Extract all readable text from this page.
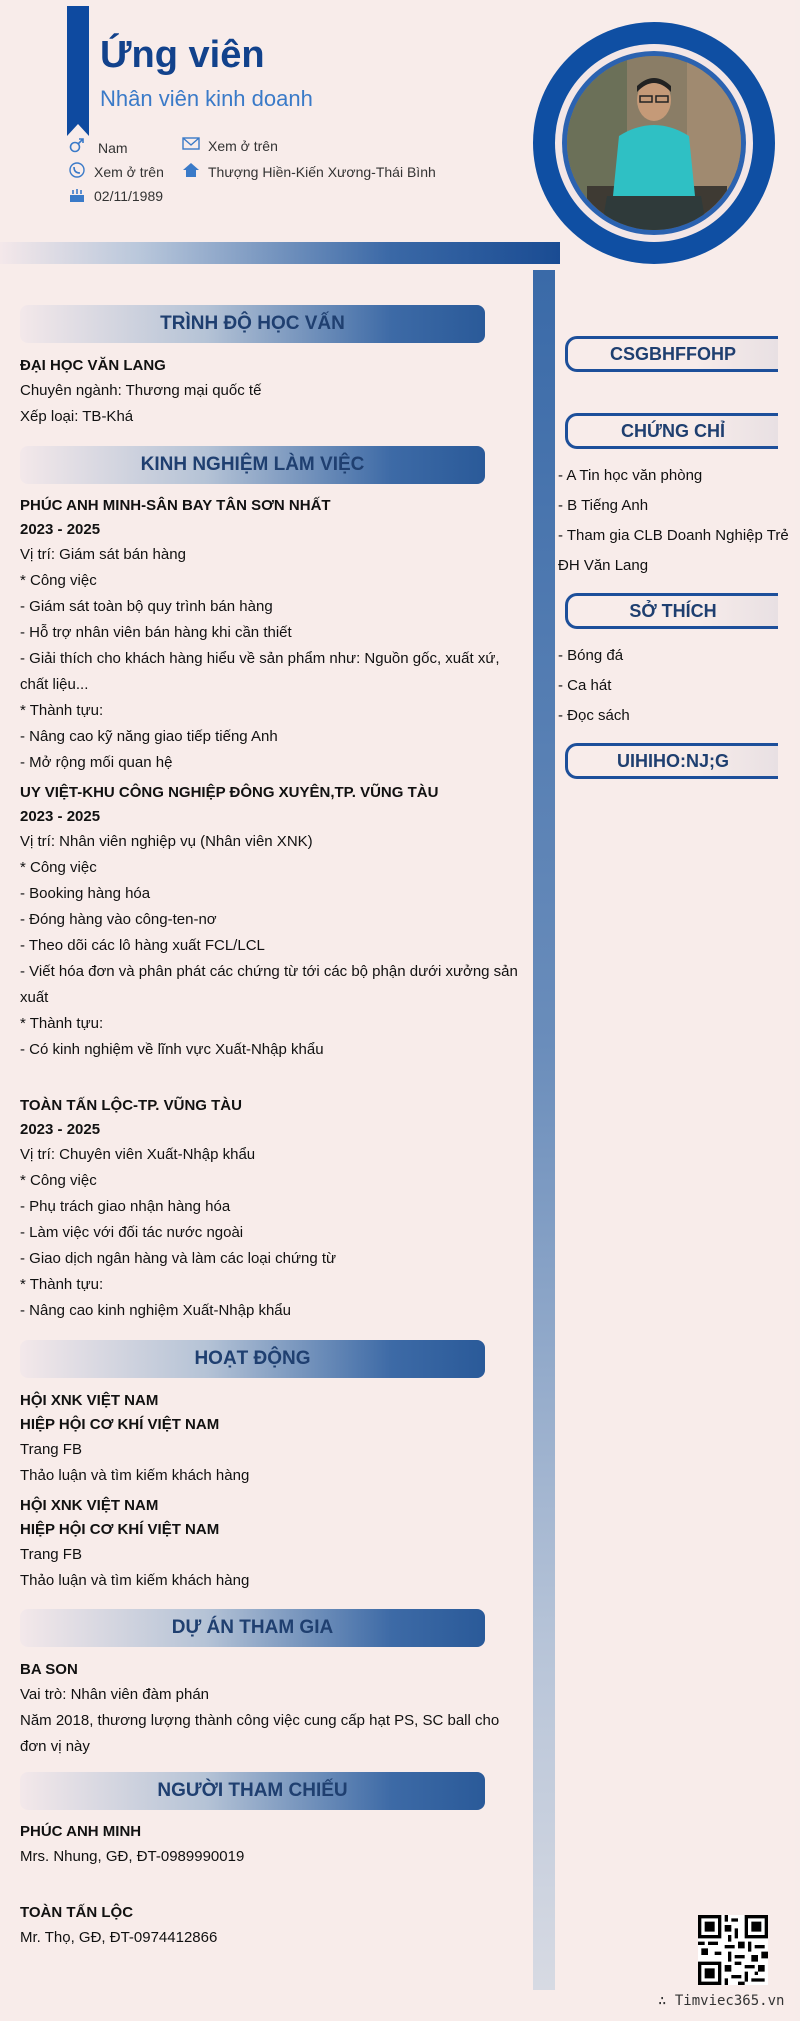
Ứng viên
Nhân viên kinh doanh
Nam	Xem ở trên
Xem ở trên	Thượng Hiền-Kiến Xương-Thái Bình
02/11/1989
TRÌNH ĐỘ HỌC VẤN
ĐẠI HỌC VĂN LANG
Chuyên ngành: Thương mại quốc tế
Xếp loại: TB-Khá
KINH NGHIỆM LÀM VIỆC
PHÚC ANH MINH-SÂN BAY TÂN SƠN NHẤT
2023 - 2025
Vị trí: Giám sát bán hàng
* Công việc
- Giám sát toàn bộ quy trình bán hàng
- Hỗ trợ nhân viên bán hàng khi cần thiết
- Giải thích cho khách hàng hiểu về sản phẩm như: Nguồn gốc, xuất xứ,
chất liệu...
* Thành tựu:
- Nâng cao kỹ năng giao tiếp tiếng Anh
- Mở rộng mối quan hệ
UY VIỆT-KHU CÔNG NGHIỆP ĐÔNG XUYÊN,TP. VŨNG TÀU
2023 - 2025
Vị trí: Nhân viên nghiệp vụ (Nhân viên XNK)
* Công việc
- Booking hàng hóa
- Đóng hàng vào công-ten-nơ
- Theo dõi các lô hàng xuất FCL/LCL
- Viết hóa đơn và phân phát các chứng từ tới các bộ phận dưới xưởng sản
xuất
* Thành tựu:
- Có kinh nghiệm về lĩnh vực Xuất-Nhập khẩu
TOÀN TẤN LỘC-TP. VŨNG TÀU
2023 - 2025
Vị trí: Chuyên viên Xuất-Nhập khẩu
* Công việc
- Phụ trách giao nhận hàng hóa
- Làm việc với đối tác nước ngoài
- Giao dịch ngân hàng và làm các loại chứng từ
* Thành tựu:
- Nâng cao kinh nghiệm Xuất-Nhập khẩu
HOẠT ĐỘNG
HỘI XNK VIỆT NAM
HIỆP HỘI CƠ KHÍ VIỆT NAM
Trang FB
Thảo luận và tìm kiếm khách hàng
HỘI XNK VIỆT NAM
HIỆP HỘI CƠ KHÍ VIỆT NAM
Trang FB
Thảo luận và tìm kiếm khách hàng
DỰ ÁN THAM GIA
BA SON
Vai trò: Nhân viên đàm phán
Năm 2018, thương lượng thành công việc cung cấp hạt PS, SC ball cho
đơn vị này
NGƯỜI THAM CHIẾU
PHÚC ANH MINH
Mrs. Nhung, GĐ, ĐT-0989990019
TOÀN TẤN LỘC
Mr. Thọ, GĐ, ĐT-0974412866
CSGBHFFOHP
CHỨNG CHỈ
- A Tin học văn phòng
- B Tiếng Anh
- Tham gia CLB Doanh Nghiệp Trẻ
ĐH Văn Lang
SỞ THÍCH
- Bóng đá
- Ca hát
- Đọc sách
UIHIHO:NJ;G
∴ Timviec365.vn
